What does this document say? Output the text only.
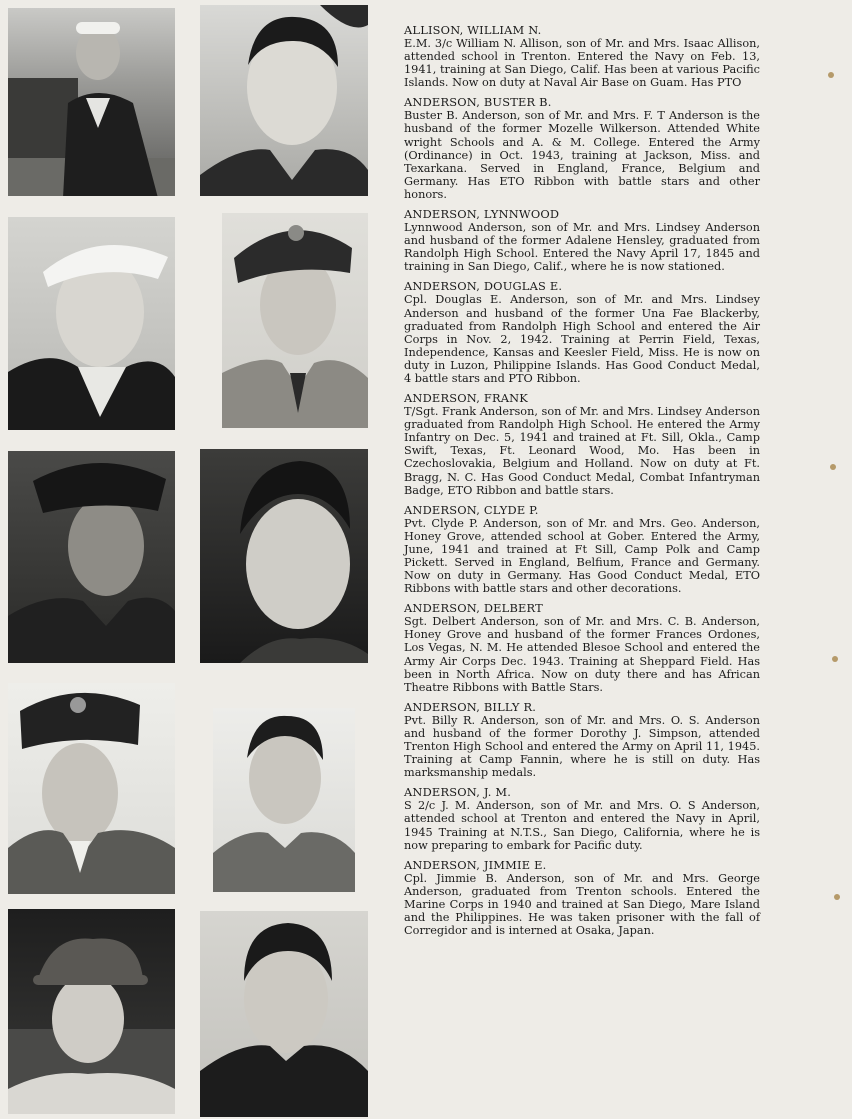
ALLISON, WILLIAM N.

E.M. 3/c William N. Allison, son of Mr. and Mrs. Isaac Allison, attended school in Trenton. Entered the Navy on Feb. 13, 1941, training at San Diego, Calif. Has been at various Pacific Islands. Now on duty at Naval Air Base on Guam. Has PTO

ANDERSON, BUSTER B.

Buster B. Anderson, son of Mr. and Mrs. F. T Anderson is the husband of the former Mozelle Wilkerson. Attended White wright Schools and A. & M. College. Entered the Army (Ordinance) in Oct. 1943, training at Jackson, Miss. and Texarkana. Served in England, France, Belgium and Germany. Has ETO Ribbon with battle stars and other honors.

ANDERSON, LYNNWOOD

Lynnwood Anderson, son of Mr. and Mrs. Lindsey Anderson and husband of the former Adalene Hensley, graduated from Randolph High School. Entered the Navy April 17, 1845 and training in San Diego, Calif., where he is now stationed.

ANDERSON, DOUGLAS E.

Cpl. Douglas E. Anderson, son of Mr. and Mrs. Lindsey Anderson and husband of the former Una Fae Blackerby, graduated from Randolph High School and entered the Air Corps in Nov. 2, 1942. Training at Perrin Field, Texas, Independence, Kansas and Keesler Field, Miss. He is now on duty in Luzon, Philippine Islands. Has Good Conduct Medal, 4 battle stars and PTO Ribbon.

ANDERSON, FRANK

T/Sgt. Frank Anderson, son of Mr. and Mrs. Lindsey Anderson graduated from Randolph High School. He entered the Army Infantry on Dec. 5, 1941 and trained at Ft. Sill, Okla., Camp Swift, Texas, Ft. Leonard Wood, Mo. Has been in Czechoslovakia, Belgium and Holland. Now on duty at Ft. Bragg, N. C. Has Good Conduct Medal, Combat Infantryman Badge, ETO Ribbon and battle stars.

ANDERSON, CLYDE P.

Pvt. Clyde P. Anderson, son of Mr. and Mrs. Geo. Anderson, Honey Grove, attended school at Gober. Entered the Army, June, 1941 and trained at Ft Sill, Camp Polk and Camp Pickett. Served in England, Belfium, France and Germany. Now on duty in Germany. Has Good Conduct Medal, ETO Ribbons with battle stars and other decorations.

ANDERSON, DELBERT

Sgt. Delbert Anderson, son of Mr. and Mrs. C. B. Anderson, Honey Grove and husband of the former Frances Ordones, Los Vegas, N. M. He attended Blesoe School and entered the Army Air Corps Dec. 1943. Training at Sheppard Field. Has been in North Africa. Now on duty there and has African Theatre Ribbons with Battle Stars.

ANDERSON, BILLY R.

Pvt. Billy R. Anderson, son of Mr. and Mrs. O. S. Anderson and husband of the former Dorothy J. Simpson, attended Trenton High School and entered the Army on April 11, 1945. Training at Camp Fannin, where he is still on duty. Has marksmanship medals.

ANDERSON, J. M.

S 2/c J. M. Anderson, son of Mr. and Mrs. O. S Anderson, attended school at Trenton and entered the Navy in April, 1945 Training at N.T.S., San Diego, California, where he is now preparing to embark for Pacific duty.

ANDERSON, JIMMIE E.

Cpl. Jimmie B. Anderson, son of Mr. and Mrs. George Anderson, graduated from Trenton schools. Entered the Marine Corps in 1940 and trained at San Diego, Mare Island and the Philippines. He was taken prisoner with the fall of Corregidor and is interned at Osaka, Japan.
